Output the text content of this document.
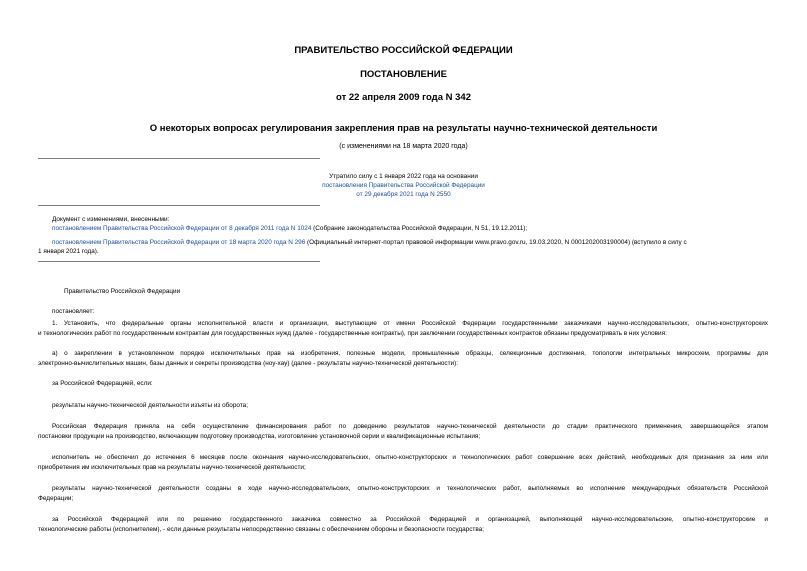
ПРАВИТЕЛЬСТВО РОССИЙСКОЙ ФЕДЕРАЦИИ
ПОСТАНОВЛЕНИЕ
от 22 апреля 2009 года N 342
О некоторых вопросах регулирования закрепления прав на результаты научно-технической деятельности
(с изменениями на 18 марта 2020 года)
Утратило силу с 1 января 2022 года на основании
постановления Правительства Российской Федерации
от 29 декабря 2021 года N 2550
Документ с изменениями, внесенными:
постановлением Правительства Российской Федерации от 8 декабря 2011 года N 1024 (Собрание законодательства Российской Федерации, N 51, 19.12.2011);
постановлением Правительства Российской Федерации от 18 марта 2020 года N 296 (Официальный интернет-портал правовой информации www.pravo.gov.ru, 19.03.2020, N 0001202003190004) (вступило в силу с
1 января 2021 года).
Правительство Российской Федерации
постановляет:
1. Установить, что федеральные органы исполнительной власти и организации, выступающие от имени Российской Федерации государственными заказчиками научно-исследовательских, опытно-конструкторских
и технологических работ по государственным контрактам для государственных нужд (далее - государственные контракты), при заключении государственных контрактов обязаны предусматривать в них условия:
а) о закреплении в установленном порядке исключительных прав на изобретения, полезные модели, промышленные образцы, селекционные достижения, топологии интегральных микросхем, программы для
электронно-вычислительных машин, базы данных и секреты производства (ноу-хау) (далее - результаты научно-технической деятельности):
за Российской Федерацией, если:
результаты научно-технической деятельности изъяты из оборота;
Российская Федерация приняла на себя осуществление финансирования работ по доведению результатов научно-технической деятельности до стадии практического применения, завершающейся этапом
постановки продукции на производство, включающим подготовку производства, изготовление установочной серии и квалификационные испытания;
исполнитель не обеспечил до истечения 6 месяцев после окончания научно-исследовательских, опытно-конструкторских и технологических работ совершение всех действий, необходимых для признания за ним или
приобретения им исключительных прав на результаты научно-технической деятельности;
результаты научно-технической деятельности созданы в ходе научно-исследовательских, опытно-конструкторских и технологических работ, выполняемых во исполнение международных обязательств Российской
Федерации;
за Российской Федерацией или по решению государственного заказчика совместно за Российской Федерацией и организацией, выполняющей научно-исследовательские, опытно-конструкторские и
технологические работы (исполнителем), - если данные результаты непосредственно связаны с обеспечением обороны и безопасности государства;
